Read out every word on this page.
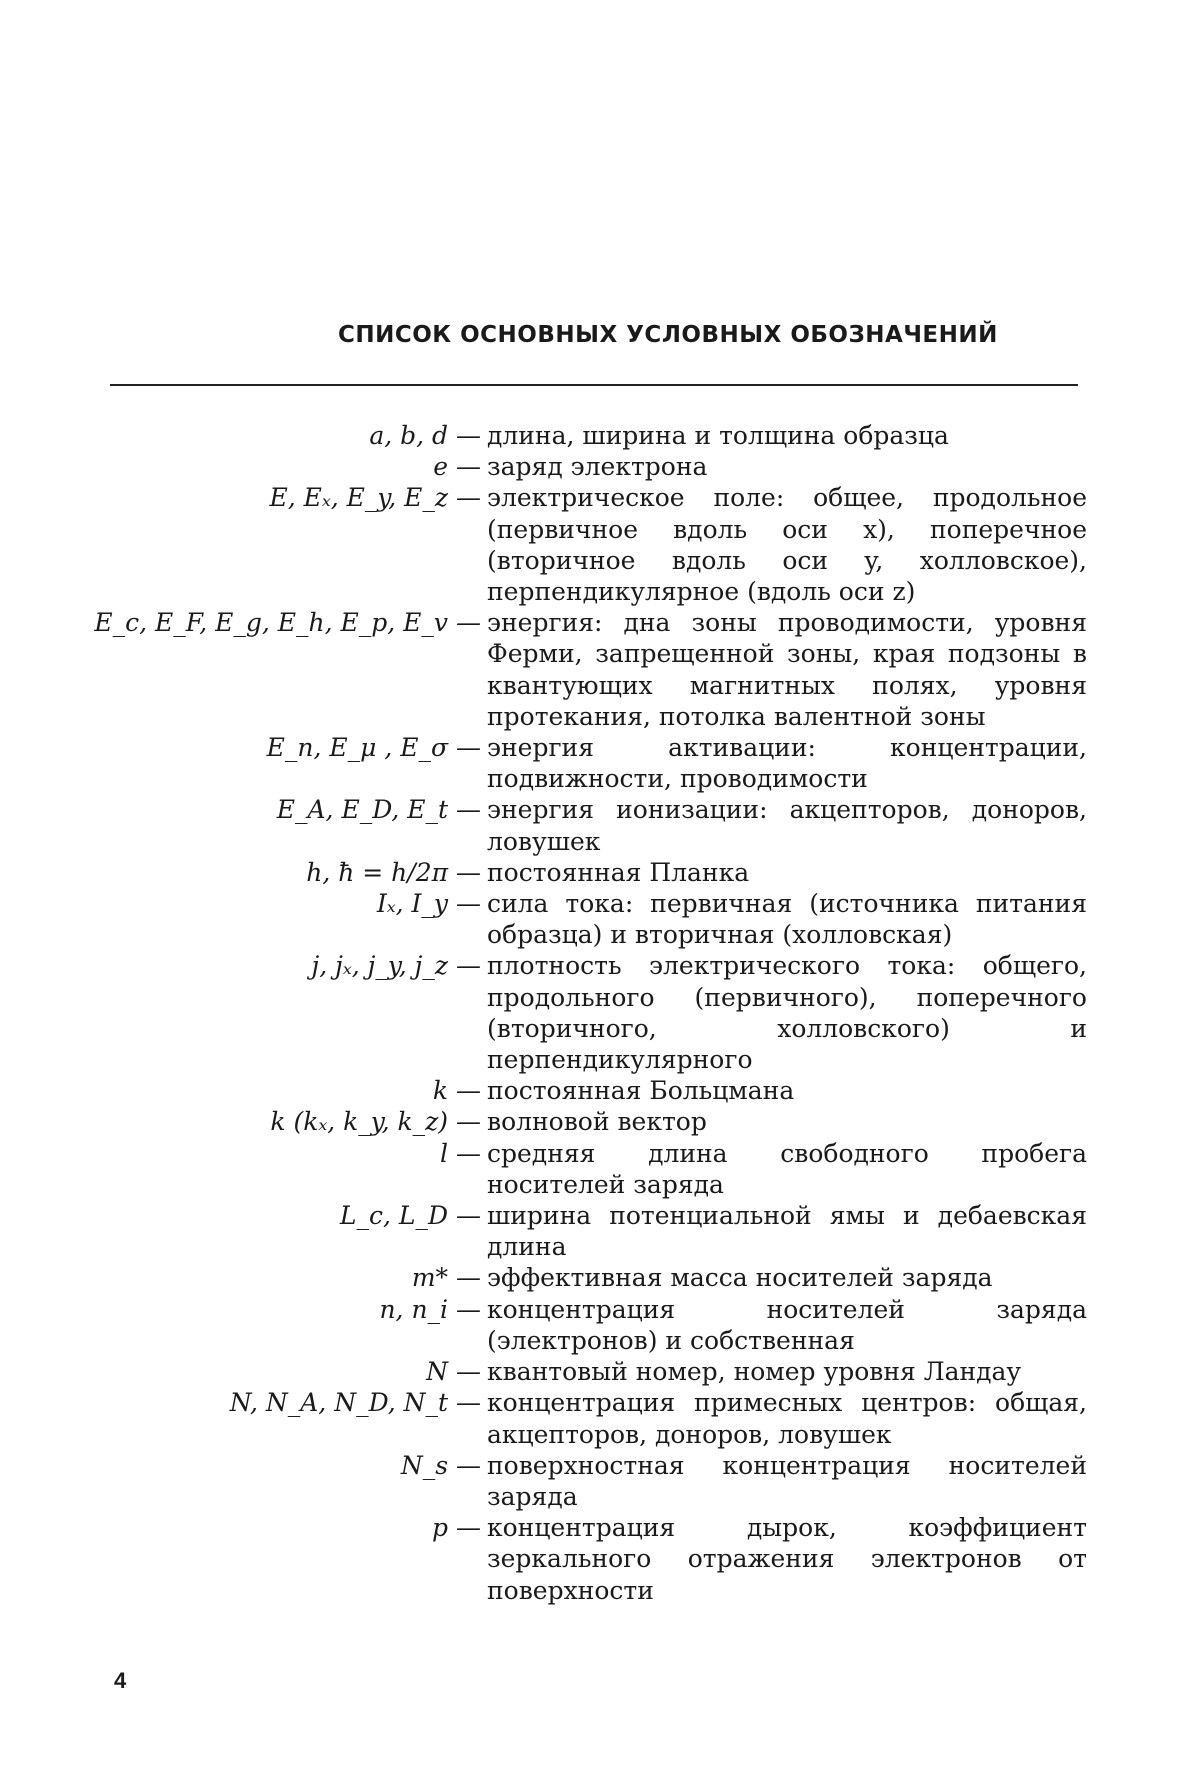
СПИСОК ОСНОВНЫХ УСЛОВНЫХ ОБОЗНАЧЕНИЙ
a, b, d — длина, ширина и толщина образца
e — заряд электрона
E, Eₓ, E_y, E_z — электрическое поле: общее, продольное (первичное вдоль оси x), поперечное (вторичное вдоль оси y, холловское), перпендикулярное (вдоль оси z)
E_c, E_F, E_g, E_h, E_p, E_v — энергия: дна зоны проводимости, уровня Ферми, запрещенной зоны, края подзоны в квантующих магнитных полях, уровня протекания, потолка валентной зоны
E_n, E_μ , E_σ — энергия активации: концентрации, подвижности, проводимости
E_A, E_D, E_t — энергия ионизации: акцепторов, доноров, ловушек
h, ħ = h/2π — постоянная Планка
Iₓ, I_y — сила тока: первичная (источника питания образца) и вторичная (холловская)
j, jₓ, j_y, j_z — плотность электрического тока: общего, продольного (первичного), поперечного (вторичного, холловского) и перпендикулярного
k — постоянная Больцмана
k (kₓ, k_y, k_z) — волновой вектор
l — средняя длина свободного пробега носителей заряда
L_c, L_D — ширина потенциальной ямы и дебаевская длина
m* — эффективная масса носителей заряда
n, n_i — концентрация носителей заряда (электронов) и собственная
N — квантовый номер, номер уровня Ландау
N, N_A, N_D, N_t — концентрация примесных центров: общая, акцепторов, доноров, ловушек
N_s — поверхностная концентрация носителей заряда
p — концентрация дырок, коэффициент зеркального отражения электронов от поверхности
4
